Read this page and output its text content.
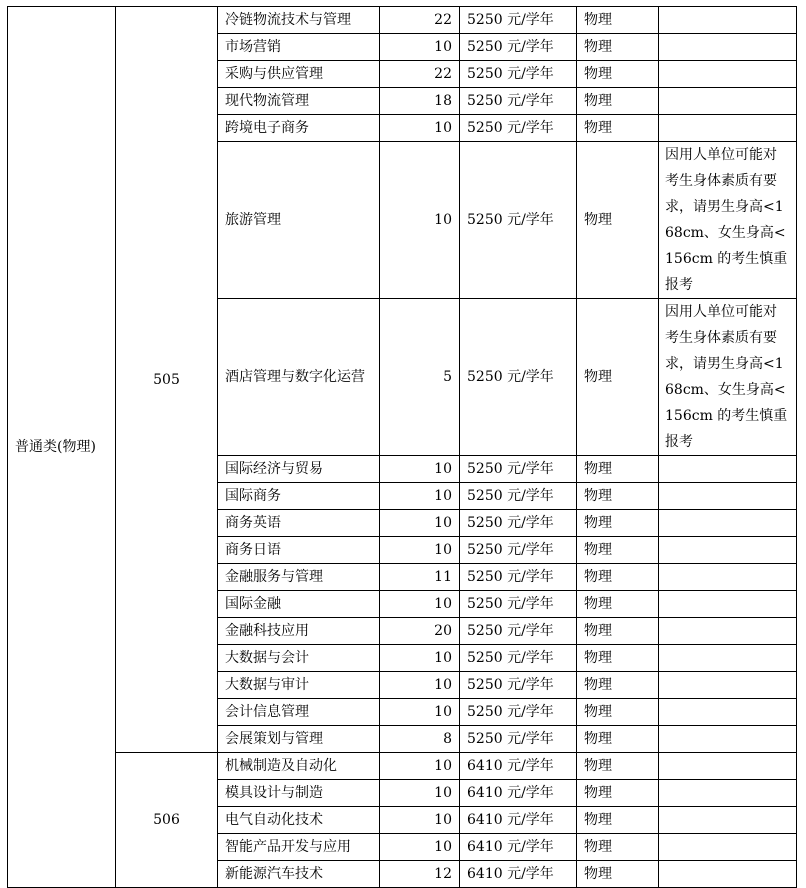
普通类(物理)	505	冷链物流技术与管理	22	5250 元/学年	物理	
		市场营销	10	5250 元/学年	物理	
		采购与供应管理	22	5250 元/学年	物理	
		现代物流管理	18	5250 元/学年	物理	
		跨境电子商务	10	5250 元/学年	物理	
		旅游管理	10	5250 元/学年	物理	因用人单位可能对考生身体素质有要求，请男生身高<168cm、女生身高<156cm 的考生慎重报考
		酒店管理与数字化运营	5	5250 元/学年	物理	因用人单位可能对考生身体素质有要求，请男生身高<168cm、女生身高<156cm 的考生慎重报考
		国际经济与贸易	10	5250 元/学年	物理	
		国际商务	10	5250 元/学年	物理	
		商务英语	10	5250 元/学年	物理	
		商务日语	10	5250 元/学年	物理	
		金融服务与管理	11	5250 元/学年	物理	
		国际金融	10	5250 元/学年	物理	
		金融科技应用	20	5250 元/学年	物理	
		大数据与会计	10	5250 元/学年	物理	
		大数据与审计	10	5250 元/学年	物理	
		会计信息管理	10	5250 元/学年	物理	
		会展策划与管理	8	5250 元/学年	物理	
	506	机械制造及自动化	10	6410 元/学年	物理	
		模具设计与制造	10	6410 元/学年	物理	
		电气自动化技术	10	6410 元/学年	物理	
		智能产品开发与应用	10	6410 元/学年	物理	
		新能源汽车技术	12	6410 元/学年	物理	
